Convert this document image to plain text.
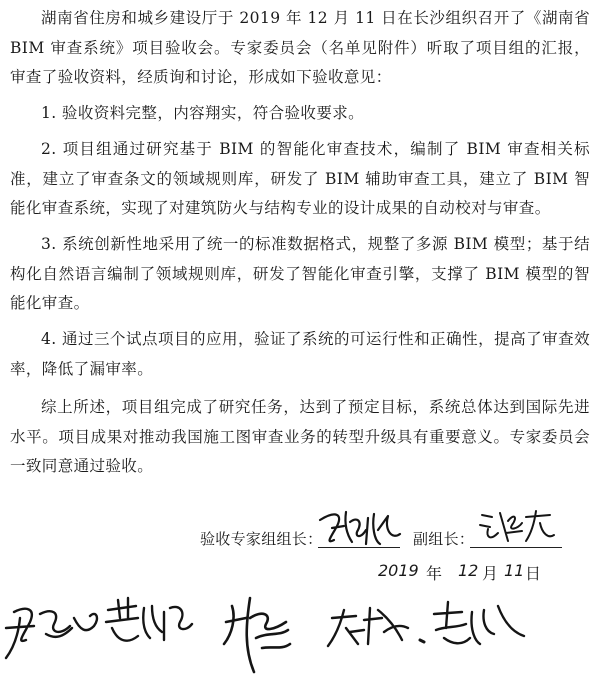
湖南省住房和城乡建设厅于 2019 年 12 月 11 日在长沙组织召开了《湖南省 BIM 审查系统》项目验收会。专家委员会（名单见附件）听取了项目组的汇报，审查了验收资料，经质询和讨论，形成如下验收意见：

1. 验收资料完整，内容翔实，符合验收要求。

2. 项目组通过研究基于 BIM 的智能化审查技术，编制了 BIM 审查相关标准，建立了审查条文的领域规则库，研发了 BIM 辅助审查工具，建立了 BIM 智能化审查系统，实现了对建筑防火与结构专业的设计成果的自动校对与审查。

3. 系统创新性地采用了统一的标准数据格式，规整了多源 BIM 模型；基于结构化自然语言编制了领域规则库，研发了智能化审查引擎，支撑了 BIM 模型的智能化审查。

4. 通过三个试点项目的应用，验证了系统的可运行性和正确性，提高了审查效率，降低了漏审率。

综上所述，项目组完成了研究任务，达到了预定目标，系统总体达到国际先进水平。项目成果对推动我国施工图审查业务的转型升级具有重要意义。专家委员会一致同意通过验收。

验收专家组组长：	副组长：
2019 年 12 月 11 日
